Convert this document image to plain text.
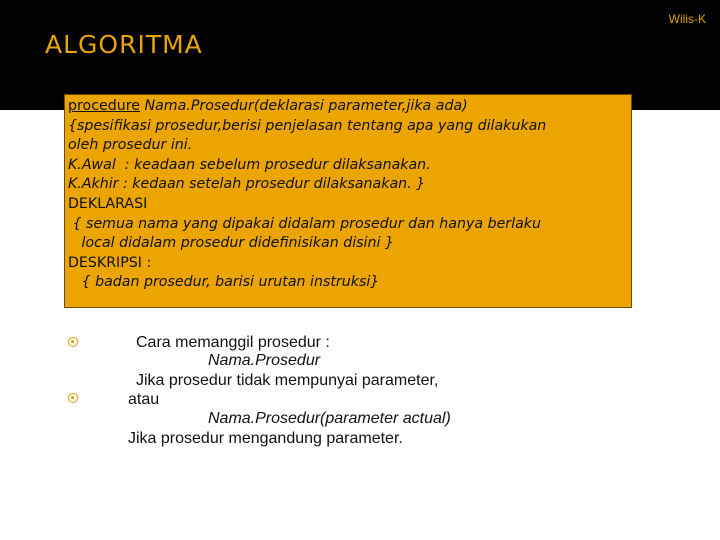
Wilis-K
ALGORITMA
procedure Nama.Prosedur(deklarasi parameter,jika ada)
{spesifikasi prosedur,berisi penjelasan tentang apa yang dilakukan
oleh prosedur ini.
K.Awal  : keadaan sebelum prosedur dilaksanakan.
K.Akhir : kedaan setelah prosedur dilaksanakan. }
DEKLARASI
{ semua nama yang dipakai didalam prosedur dan hanya berlaku
local didalam prosedur didefinisikan disini }
DESKRIPSI :
{ badan prosedur, barisi urutan instruksi}
Cara memanggil prosedur :
Nama.Prosedur
Jika prosedur tidak mempunyai parameter,
atau
Nama.Prosedur(parameter actual)
Jika prosedur mengandung parameter.
